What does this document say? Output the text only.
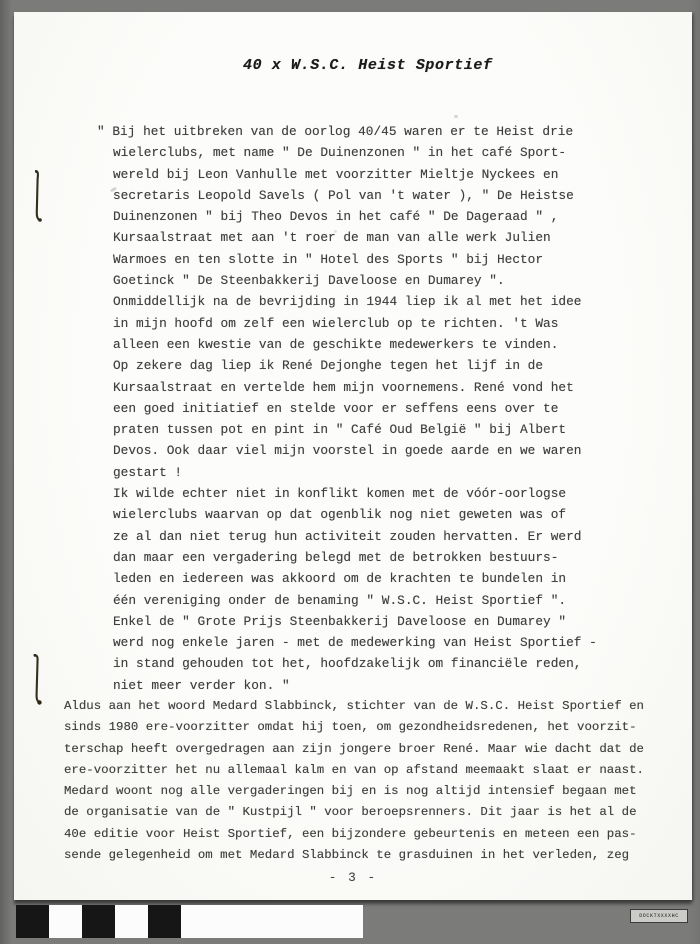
40 x W.S.C. Heist Sportief
" Bij het uitbreken van de oorlog 40/45 waren er te Heist drie
wielerclubs, met name " De Duinenzonen " in het café Sport-
wereld bij Leon Vanhulle met voorzitter Mieltje Nyckees en
secretaris Leopold Savels ( Pol van 't water ), " De Heistse
Duinenzonen " bij Theo Devos in het café " De Dageraad " ,
Kursaalstraat met aan 't roer de man van alle werk Julien
Warmoes en ten slotte in " Hotel des Sports " bij Hector
Goetinck " De Steenbakkerij Daveloose en Dumarey ".
Onmiddellijk na de bevrijding in 1944 liep ik al met het idee
in mijn hoofd om zelf een wielerclub op te richten. 't Was
alleen een kwestie van de geschikte medewerkers te vinden.
Op zekere dag liep ik René Dejonghe tegen het lijf in de
Kursaalstraat en vertelde hem mijn voornemens. René vond het
een goed initiatief en stelde voor er seffens eens over te
praten tussen pot en pint in " Café Oud België " bij Albert
Devos. Ook daar viel mijn voorstel in goede aarde en we waren
gestart !
Ik wilde echter niet in konflikt komen met de vóór-oorlogse
wielerclubs waarvan op dat ogenblik nog niet geweten was of
ze al dan niet terug hun activiteit zouden hervatten. Er werd
dan maar een vergadering belegd met de betrokken bestuurs-
leden en iedereen was akkoord om de krachten te bundelen in
één vereniging onder de benaming " W.S.C. Heist Sportief ".
Enkel de " Grote Prijs Steenbakkerij Daveloose en Dumarey "
werd nog enkele jaren - met de medewerking van Heist Sportief -
in stand gehouden tot het, hoofdzakelijk om financiële reden,
niet meer verder kon. "
Aldus aan het woord Medard Slabbinck, stichter van de W.S.C. Heist Sportief en
sinds 1980 ere-voorzitter omdat hij toen, om gezondheidsredenen, het voorzit-
terschap heeft overgedragen aan zijn jongere broer René. Maar wie dacht dat de
ere-voorzitter het nu allemaal kalm en van op afstand meemaakt slaat er naast.
Medard woont nog alle vergaderingen bij en is nog altijd intensief begaan met
de organisatie van de " Kustpijl " voor beroepsrenners. Dit jaar is het al de
40e editie voor Heist Sportief, een bijzondere gebeurtenis en meteen een pas-
sende gelegenheid om met Medard Slabbinck te grasduinen in het verleden, zeg
- 3 -
DOCKTXXXXHC
